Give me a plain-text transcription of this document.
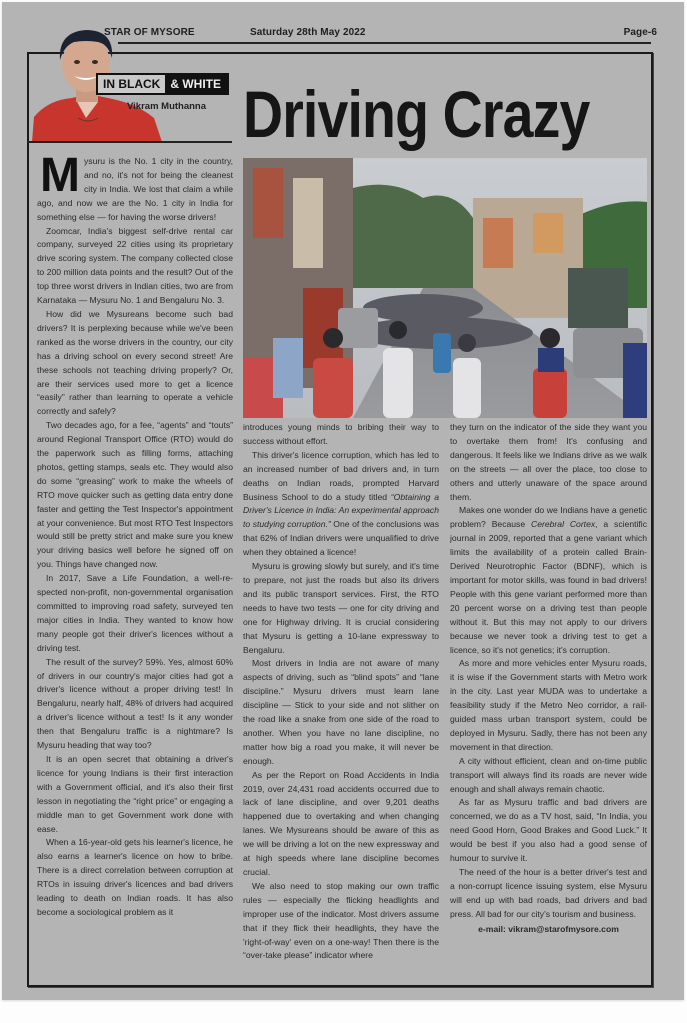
STAR OF MYSORE	Saturday 28th May 2022	Page-6
IN BLACK & WHITE
Vikram Muthanna Driving Crazy

Mysuru is the No. 1 city in the country, and no, it's not for being the cleanest city in India. We lost that claim a while ago, and now we are the No. 1 city in India for something else — for having the worse drivers!

Zoomcar, India's biggest self-drive rental car company, surveyed 22 cities using its proprietary drive scoring system. The company collected close to 200 million data points and the result? Out of the top three worst drivers in Indian cities, two are from Karnataka — Mysuru No. 1 and Bengaluru No. 3.

How did we Mysureans become such bad drivers? It is perplexing because while we've been ranked as the worse drivers in the country, our city has a driving school on every second street! Are these schools not teaching driving properly? Or, are their services used more to get a licence “easily” rather than learning to operate a vehicle correctly and safely?

Two decades ago, for a fee, “agents” and “touts” around Regional Transport Office (RTO) would do the paperwork such as filling forms, attaching photos, getting stamps, seals etc. They would also do some “greasing” work to make the wheels of RTO move quicker such as getting data entry done faster and getting the Test Inspector's appointment at your convenience. But most RTO Test Inspectors would still be pretty strict and make sure you knew your driving basics well before he signed off on you. Things have changed now.

In 2017, Save a Life Foundation, a well-respected non-profit, non-governmental organisation committed to improving road safety, surveyed ten major cities in India. They wanted to know how many people got their driver's licences without a driving test.

The result of the survey? 59%. Yes, almost 60% of drivers in our country's major cities had got a driver's licence without a proper driving test! In Bengaluru, nearly half, 48% of drivers had acquired a driver's licence without a test! Is it any wonder then that Bengaluru traffic is a nightmare? Is Mysuru heading that way too?

It is an open secret that obtaining a driver's licence for young Indians is their first interaction with a Government official, and it's also their first lesson in negotiating the “right price” or engaging a middle man to get Government work done with ease.

When a 16-year-old gets his learner's licence, he also earns a learner's licence on how to bribe. There is a direct correlation between corruption at RTOs in issuing driver's licences and bad drivers leading to death on Indian roads. It has also become a sociological problem as it

introduces young minds to bribing their way to success without effort.

This driver's licence corruption, which has led to an increased number of bad drivers and, in turn deaths on Indian roads, prompted Harvard Business School to do a study titled “Obtaining a Driver's Licence in India: An experimental approach to studying corruption.” One of the conclusions was that 62% of Indian drivers were unqualified to drive when they obtained a licence!

Mysuru is growing slowly but surely, and it's time to prepare, not just the roads but also its drivers and its public transport services. First, the RTO needs to have two tests — one for city driving and one for Highway driving. It is crucial considering that Mysuru is getting a 10-lane expressway to Bengaluru.

Most drivers in India are not aware of many aspects of driving, such as “blind spots” and “lane discipline.” Mysuru drivers must learn lane discipline — Stick to your side and not slither on the road like a snake from one side of the road to another. When you have no lane discipline, no matter how big a road you make, it will never be enough.

As per the Report on Road Accidents in India 2019, over 24,431 road accidents occurred due to lack of lane discipline, and over 9,201 deaths happened due to overtaking and when changing lanes. We Mysureans should be aware of this as we will be driving a lot on the new expressway and at high speeds where lane discipline becomes crucial.

We also need to stop making our own traffic rules — especially the flicking headlights and improper use of the indicator. Most drivers assume that if they flick their headlights, they have the 'right-of-way' even on a one-way! Then there is the “over-take please” indicator where

they turn on the indicator of the side they want you to overtake them from! It's confusing and dangerous. It feels like we Indians drive as we walk on the streets — all over the place, too close to others and utterly unaware of the space around them.

Makes one wonder do we Indians have a genetic problem? Because Cerebral Cortex, a scientific journal in 2009, reported that a gene variant which limits the availability of a protein called Brain-Derived Neurotrophic Factor (BDNF), which is important for motor skills, was found in bad drivers! People with this gene variant performed more than 20 percent worse on a driving test than people without it. But this may not apply to our drivers because we never took a driving test to get a licence, so it's not genetics; it's corruption.

As more and more vehicles enter Mysuru roads, it is wise if the Government starts with Metro work in the city. Last year MUDA was to undertake a feasibility study if the Metro Neo corridor, a rail-guided mass urban transport system, could be deployed in Mysuru. Sadly, there has not been any movement in that direction.

A city without efficient, clean and on-time public transport will always find its roads are never wide enough and shall always remain chaotic.

As far as Mysuru traffic and bad drivers are concerned, we do as a TV host, said, “In India, you need Good Horn, Good Brakes and Good Luck.” It would be best if you also had a good sense of humour to survive it.

The need of the hour is a better driver's test and a non-corrupt licence issuing system, else Mysuru will end up with bad roads, bad drivers and bad press. All bad for our city's tourism and business.

e-mail: vikram@starofmysore.com
